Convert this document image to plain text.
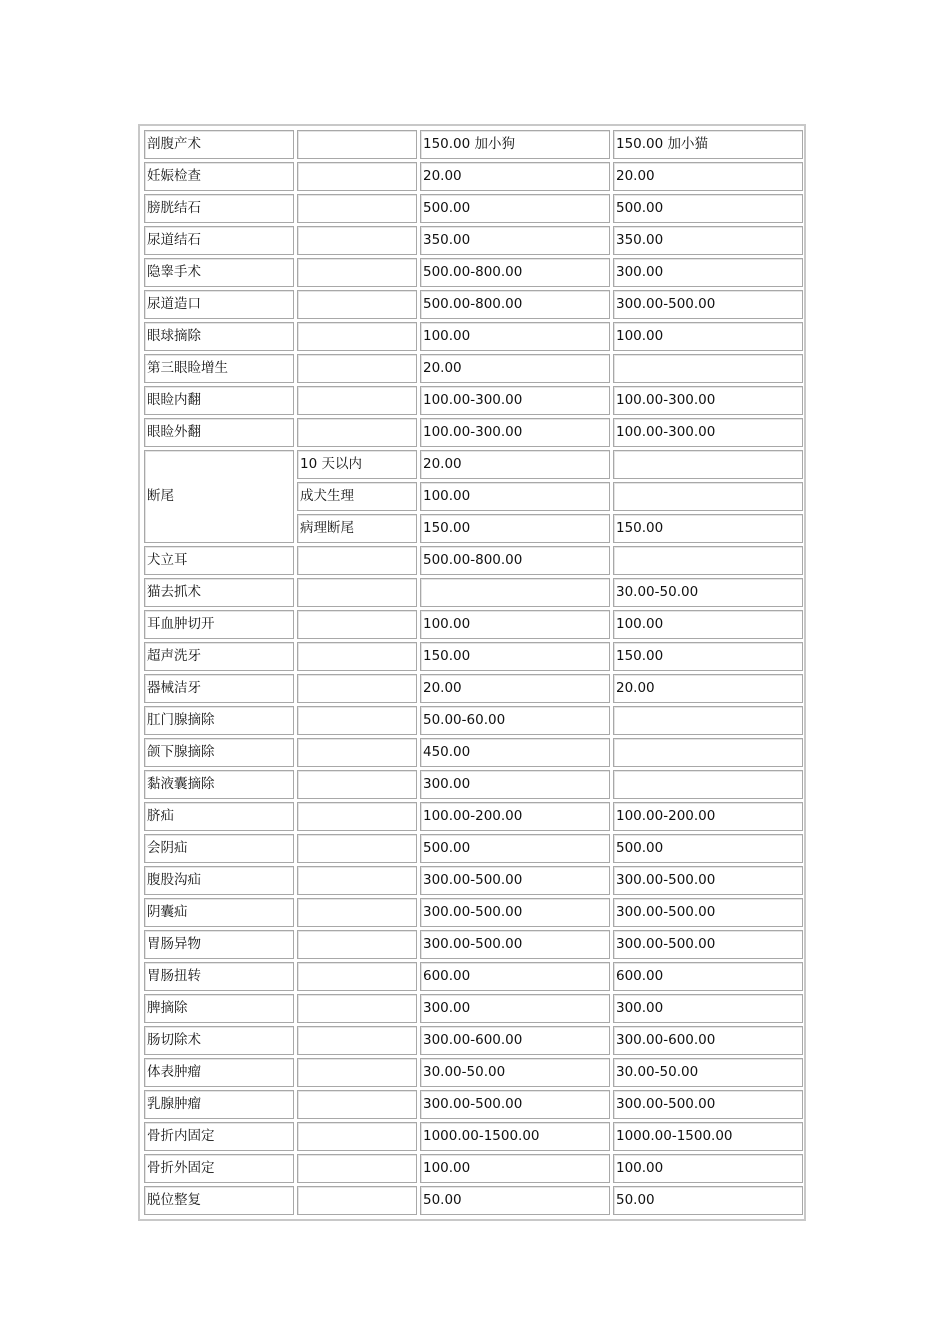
剖腹产术		150.00 加小狗	150.00 加小猫
妊娠检查		20.00	20.00
膀胱结石		500.00	500.00
尿道结石		350.00	350.00
隐睾手术		500.00-800.00	300.00
尿道造口		500.00-800.00	300.00-500.00
眼球摘除		100.00	100.00
第三眼睑增生		20.00	
眼睑内翻		100.00-300.00	100.00-300.00
眼睑外翻		100.00-300.00	100.00-300.00
断尾	10 天以内	20.00	
	成犬生理	100.00	
	病理断尾	150.00	150.00
犬立耳		500.00-800.00	
猫去抓术			30.00-50.00
耳血肿切开		100.00	100.00
超声洗牙		150.00	150.00
器械洁牙		20.00	20.00
肛门腺摘除		50.00-60.00	
颌下腺摘除		450.00	
黏液囊摘除		300.00	
脐疝		100.00-200.00	100.00-200.00
会阴疝		500.00	500.00
腹股沟疝		300.00-500.00	300.00-500.00
阴囊疝		300.00-500.00	300.00-500.00
胃肠异物		300.00-500.00	300.00-500.00
胃肠扭转		600.00	600.00
脾摘除		300.00	300.00
肠切除术		300.00-600.00	300.00-600.00
体表肿瘤		30.00-50.00	30.00-50.00
乳腺肿瘤		300.00-500.00	300.00-500.00
骨折内固定		1000.00-1500.00	1000.00-1500.00
骨折外固定		100.00	100.00
脱位整复		50.00	50.00
